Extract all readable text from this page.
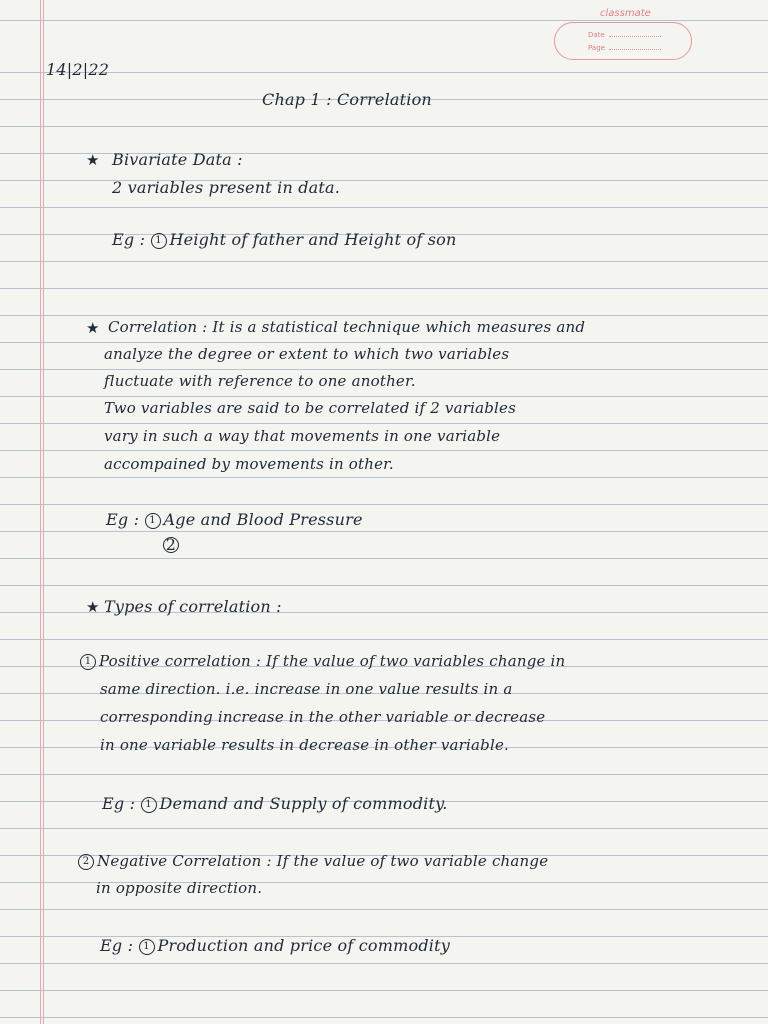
classmate
Date
Page
14|2|22
Chap 1 : Correlation
★ Bivariate Data :
2 variables present in data.
Eg : 1 Height of father and Height of son
★ Correlation : It is a statistical technique which measures and
analyze the degree or extent to which two variables
fluctuate with reference to one another.
Two variables are said to be correlated if 2 variables
vary in such a way that movements in one variable
accompained by movements in other.
Eg : 1 Age and Blood Pressure
2
★ Types of correlation :
1 Positive correlation : If the value of two variables change in
same direction. i.e. increase in one value results in a
corresponding increase in the other variable or decrease
in one variable results in decrease in other variable.
Eg : 1 Demand and Supply of commodity.
2 Negative Correlation : If the value of two variable change
in opposite direction.
Eg : 1 Production and price of commodity
